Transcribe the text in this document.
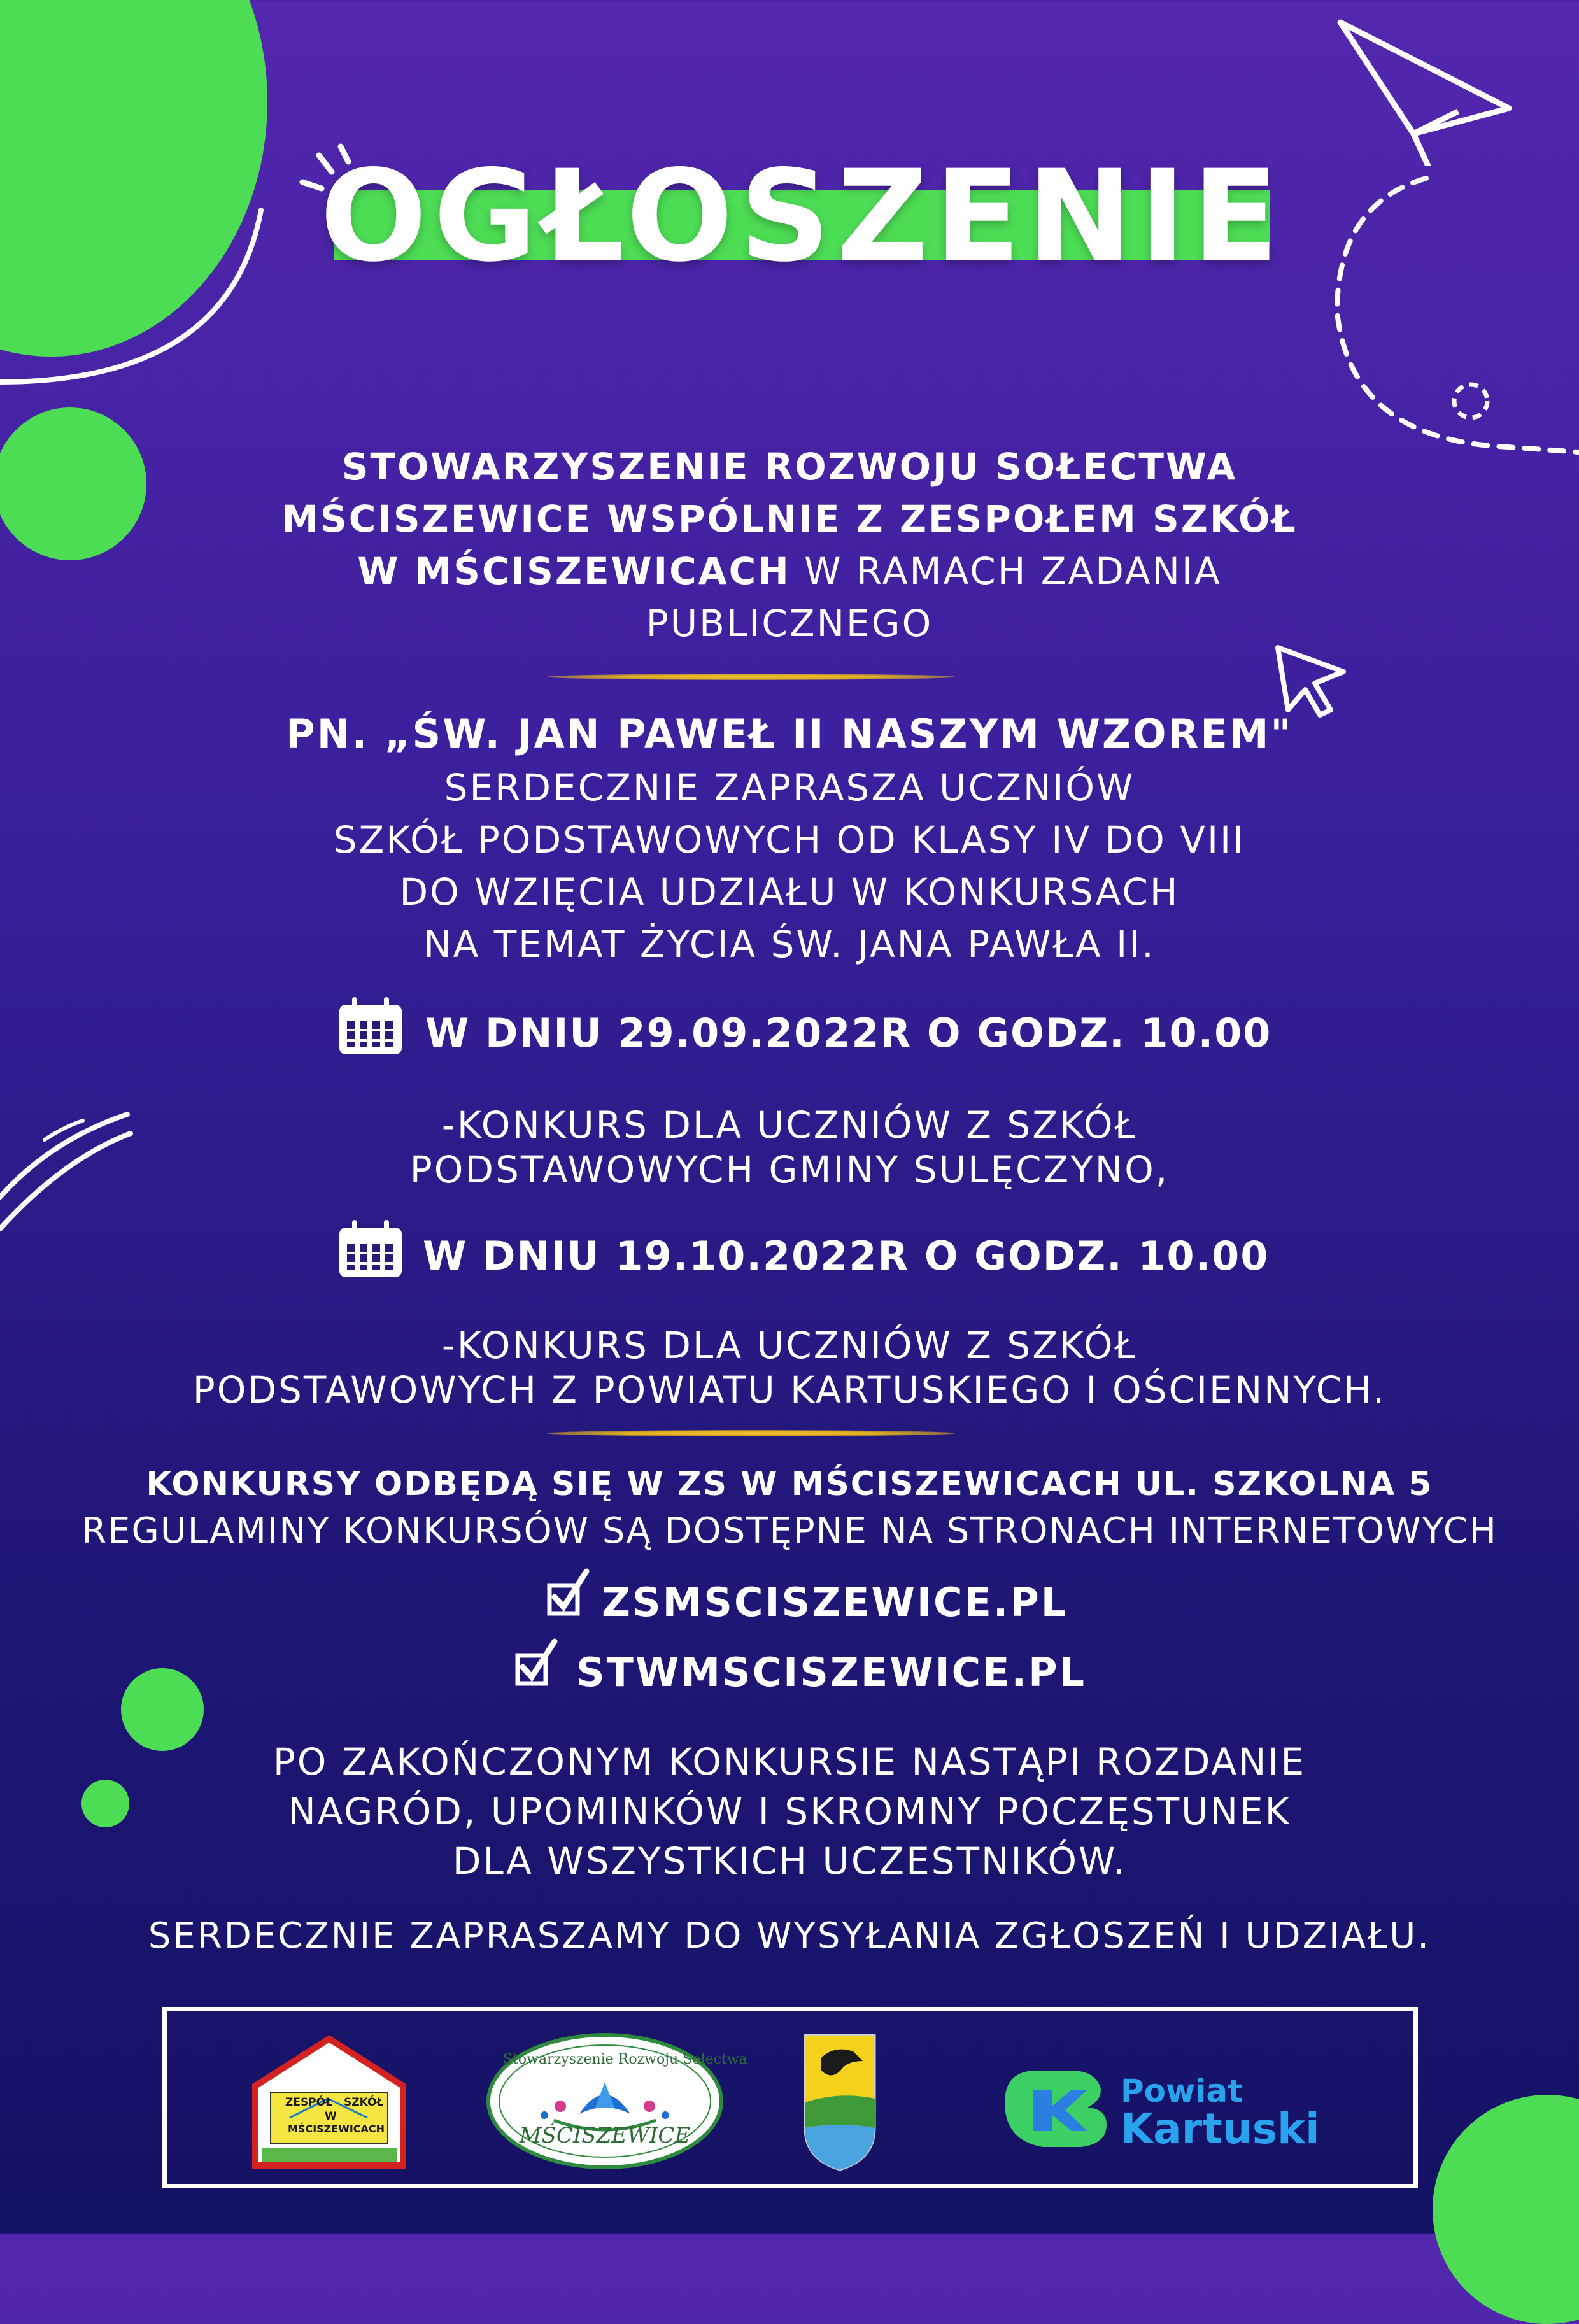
OGŁOSZENIE
STOWARZYSZENIE ROZWOJU SOŁECTWA
MŚCISZEWICE WSPÓLNIE Z ZESPOŁEM SZKÓŁ
W MŚCISZEWICACH W RAMACH ZADANIA
PUBLICZNEGO
PN. „ŚW. JAN PAWEŁ II NASZYM WZOREM"
SERDECZNIE ZAPRASZA UCZNIÓW
SZKÓŁ PODSTAWOWYCH OD KLASY IV DO VIII
DO WZIĘCIA UDZIAŁU W KONKURSACH
NA TEMAT ŻYCIA ŚW. JANA PAWŁA II.
W DNIU 29.09.2022R O GODZ. 10.00
-KONKURS DLA UCZNIÓW Z SZKÓŁ
PODSTAWOWYCH GMINY SULĘCZYNO,
W DNIU 19.10.2022R O GODZ. 10.00
-KONKURS DLA UCZNIÓW Z SZKÓŁ
PODSTAWOWYCH Z POWIATU KARTUSKIEGO I OŚCIENNYCH.
KONKURSY ODBĘDĄ SIĘ W ZS W MŚCISZEWICACH UL. SZKOLNA 5
REGULAMINY KONKURSÓW SĄ DOSTĘPNE NA STRONACH INTERNETOWYCH
ZSMSCISZEWICE.PL
STWMSCISZEWICE.PL
PO ZAKOŃCZONYM KONKURSIE NASTĄPI ROZDANIE
NAGRÓD, UPOMINKÓW I SKROMNY POCZĘSTUNEK
DLA WSZYSTKICH UCZESTNIKÓW.
SERDECZNIE ZAPRASZAMY DO WYSYŁANIA ZGŁOSZEŃ I UDZIAŁU.
ZESPÓŁ SZKÓŁ
W
MŚCISZEWICACH
Stowarzyszenie Rozwoju Sołectwa
MŚCISZEWICE
Powiat
Kartuski
